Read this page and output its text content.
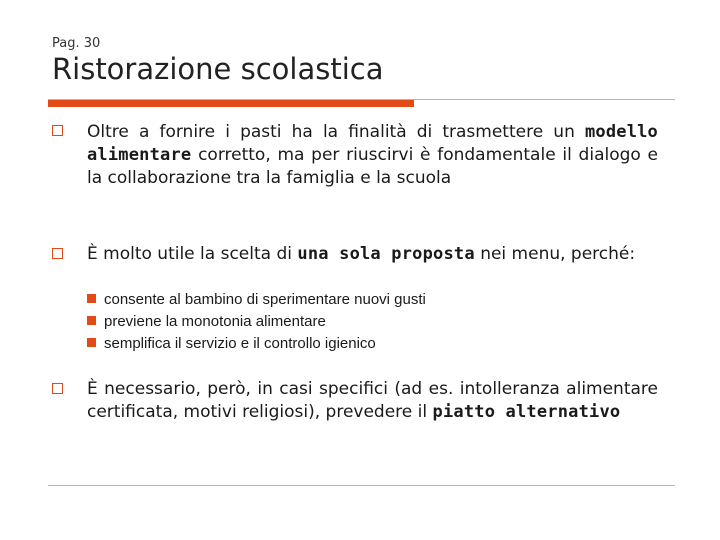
Pag. 30
Ristorazione scolastica
Oltre a fornire i pasti ha la finalità di trasmettere un modello alimentare corretto, ma per riuscirvi è fondamentale il dialogo e la collaborazione tra la famiglia e la scuola
È molto utile la scelta di una sola proposta nei menu, perché:
consente al bambino di sperimentare nuovi gusti
previene la monotonia alimentare
semplifica il servizio e il controllo igienico
È necessario, però, in casi specifici (ad es. intolleranza alimentare certificata, motivi religiosi), prevedere il piatto alternativo
